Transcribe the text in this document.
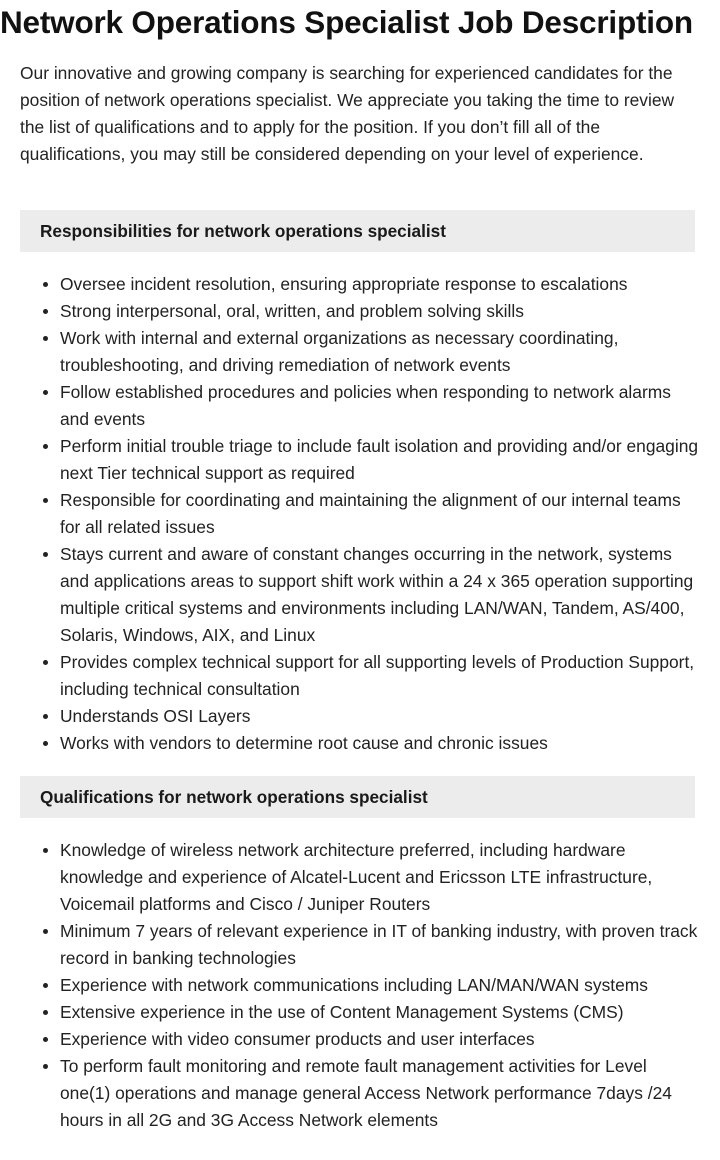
Network Operations Specialist Job Description

Our innovative and growing company is searching for experienced candidates for the position of network operations specialist. We appreciate you taking the time to review the list of qualifications and to apply for the position. If you don’t fill all of the qualifications, you may still be considered depending on your level of experience.

Responsibilities for network operations specialist
Oversee incident resolution, ensuring appropriate response to escalations
Strong interpersonal, oral, written, and problem solving skills
Work with internal and external organizations as necessary coordinating, troubleshooting, and driving remediation of network events
Follow established procedures and policies when responding to network alarms and events
Perform initial trouble triage to include fault isolation and providing and/or engaging next Tier technical support as required
Responsible for coordinating and maintaining the alignment of our internal teams for all related issues
Stays current and aware of constant changes occurring in the network, systems and applications areas to support shift work within a 24 x 365 operation supporting multiple critical systems and environments including LAN/WAN, Tandem, AS/400, Solaris, Windows, AIX, and Linux
Provides complex technical support for all supporting levels of Production Support, including technical consultation
Understands OSI Layers
Works with vendors to determine root cause and chronic issues
Qualifications for network operations specialist
Knowledge of wireless network architecture preferred, including hardware knowledge and experience of Alcatel-Lucent and Ericsson LTE infrastructure, Voicemail platforms and Cisco / Juniper Routers
Minimum 7 years of relevant experience in IT of banking industry, with proven track record in banking technologies
Experience with network communications including LAN/MAN/WAN systems
Extensive experience in the use of Content Management Systems (CMS)
Experience with video consumer products and user interfaces
To perform fault monitoring and remote fault management activities for Level one(1) operations and manage general Access Network performance 7days /24 hours in all 2G and 3G Access Network elements
